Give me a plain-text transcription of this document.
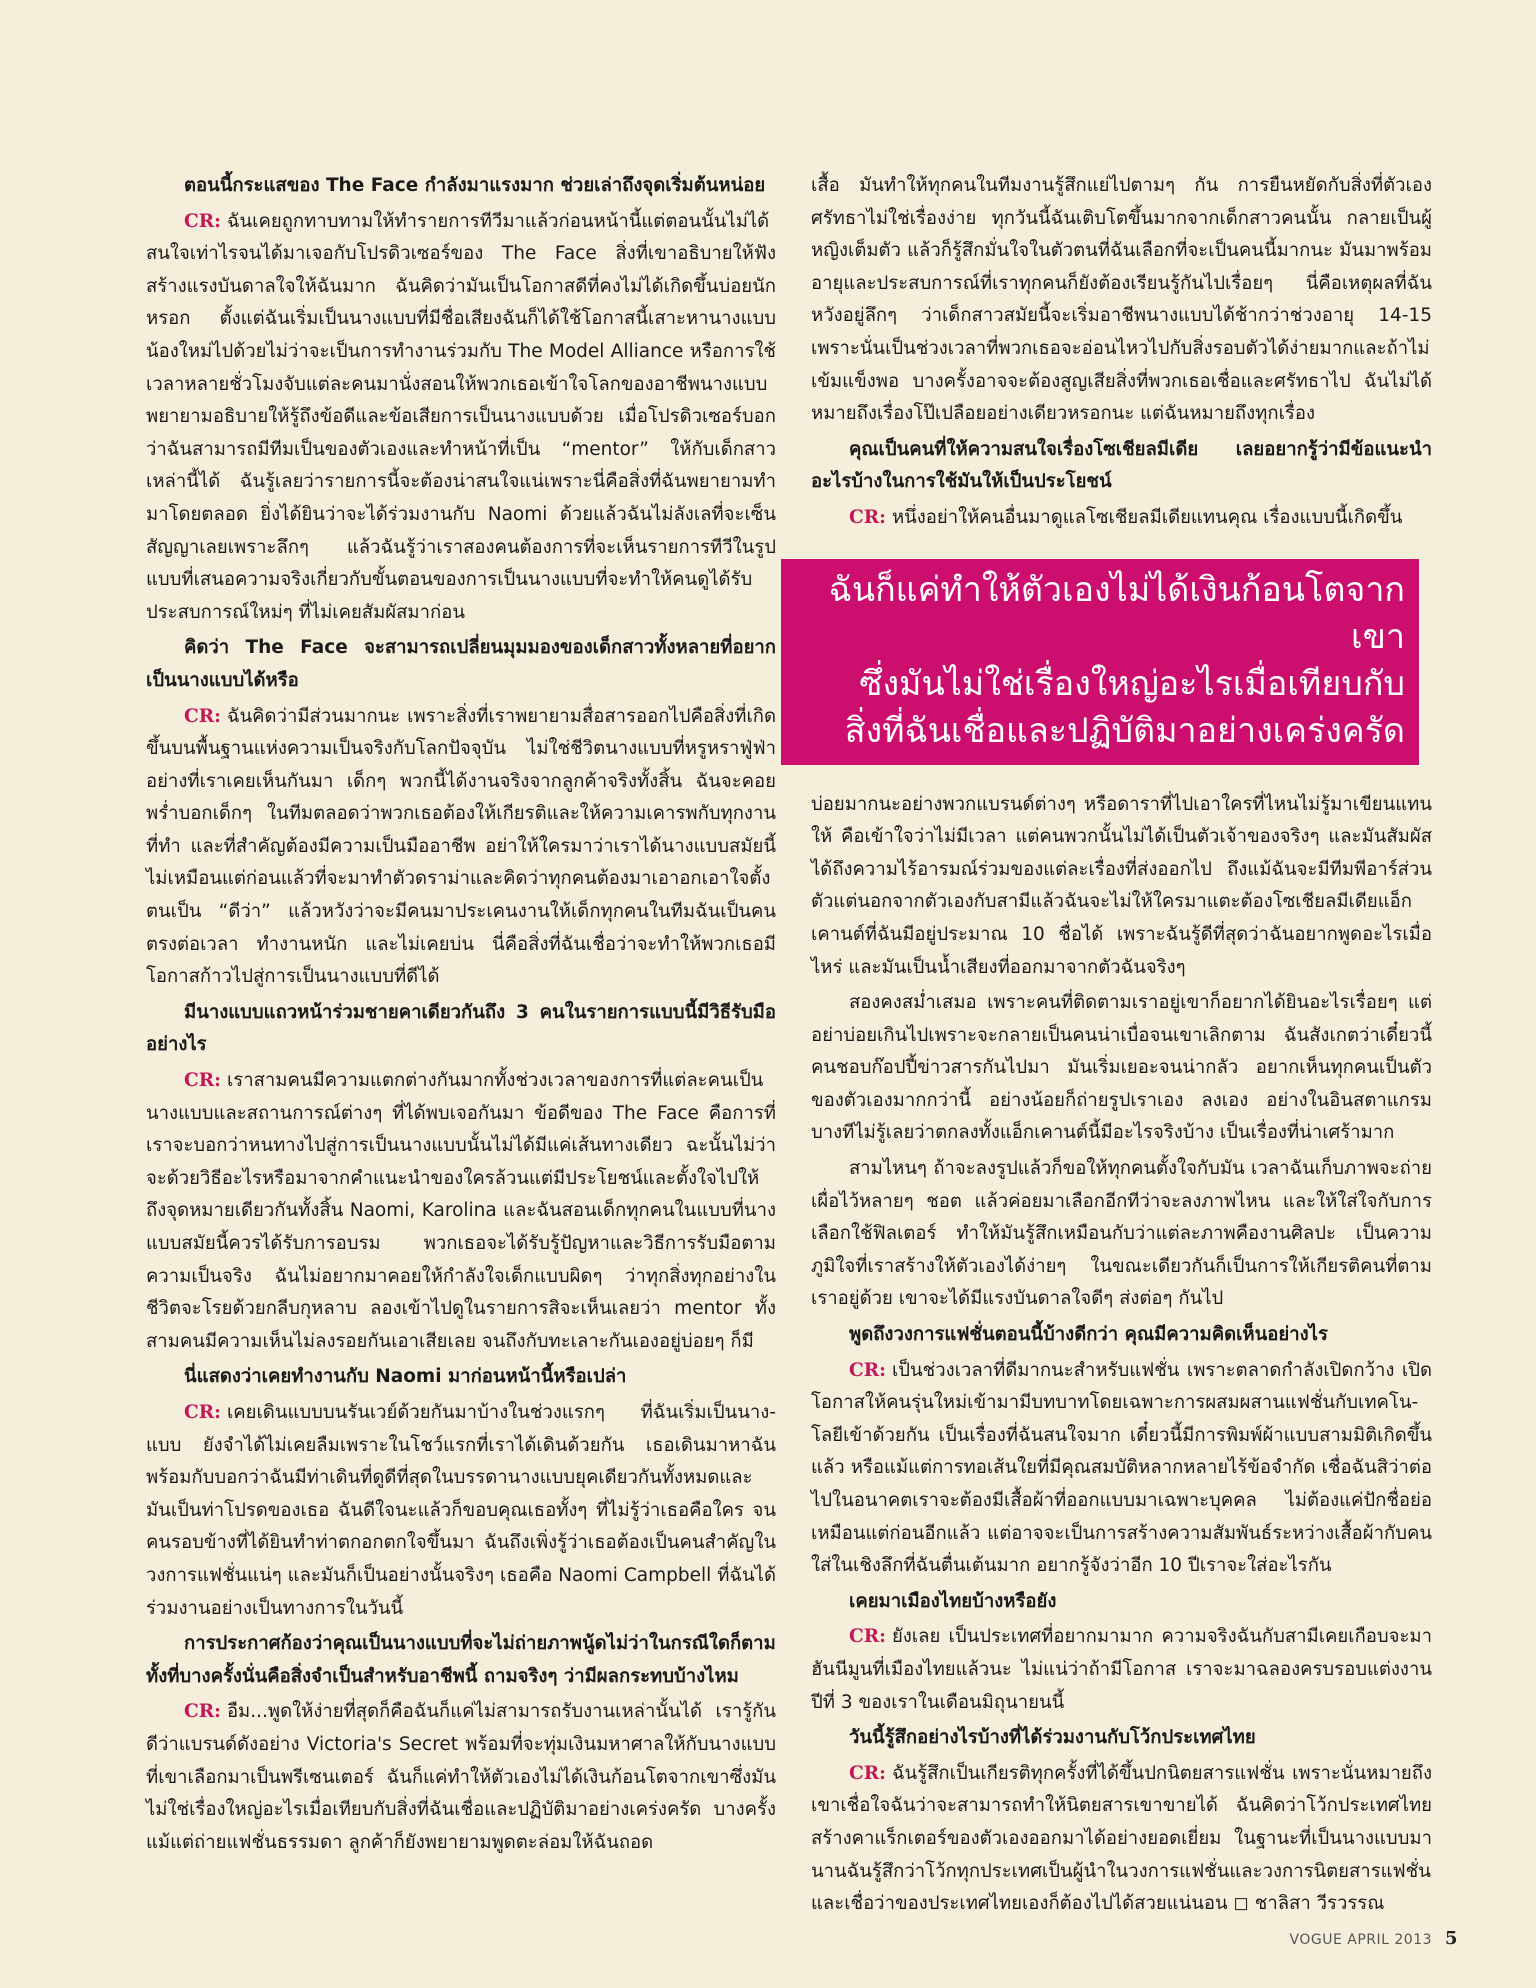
ตอนนี้กระแสของ The Face กำลังมาแรงมาก ช่วยเล่าถึงจุดเริ่มต้นหน่อย

CR: ฉันเคยถูกทาบทามให้ทำรายการทีวีมาแล้วก่อนหน้านี้แต่ตอนนั้นไม่ได้สนใจเท่าไรจนได้มาเจอกับโปรดิวเซอร์ของ The Face สิ่งที่เขาอธิบายให้ฟังสร้างแรงบันดาลใจให้ฉันมาก ฉันคิดว่ามันเป็นโอกาสดีที่คงไม่ได้เกิดขึ้นบ่อยนักหรอก ตั้งแต่ฉันเริ่มเป็นนางแบบที่มีชื่อเสียงฉันก็ได้ใช้โอกาสนี้เสาะหานางแบบน้องใหม่ไปด้วยไม่ว่าจะเป็นการทำงานร่วมกับ The Model Alliance หรือการใช้เวลาหลายชั่วโมงจับแต่ละคนมานั่งสอนให้พวกเธอเข้าใจโลกของอาชีพนางแบบ พยายามอธิบายให้รู้ถึงข้อดีและข้อเสียการเป็นนางแบบด้วย เมื่อโปรดิวเซอร์บอกว่าฉันสามารถมีทีมเป็นของตัวเองและทำหน้าที่เป็น “mentor” ให้กับเด็กสาวเหล่านี้ได้ ฉันรู้เลยว่ารายการนี้จะต้องน่าสนใจแน่เพราะนี่คือสิ่งที่ฉันพยายามทำมาโดยตลอด ยิ่งได้ยินว่าจะได้ร่วมงานกับ Naomi ด้วยแล้วฉันไม่ลังเลที่จะเซ็นสัญญาเลยเพราะลึกๆ แล้วฉันรู้ว่าเราสองคนต้องการที่จะเห็นรายการทีวีในรูปแบบที่เสนอความจริงเกี่ยวกับขั้นตอนของการเป็นนางแบบที่จะทำให้คนดูได้รับประสบการณ์ใหม่ๆ ที่ไม่เคยสัมผัสมาก่อน

คิดว่า The Face จะสามารถเปลี่ยนมุมมองของเด็กสาวทั้งหลายที่อยากเป็นนางแบบได้หรือ

CR: ฉันคิดว่ามีส่วนมากนะ เพราะสิ่งที่เราพยายามสื่อสารออกไปคือสิ่งที่เกิดขึ้นบนพื้นฐานแห่งความเป็นจริงกับโลกปัจจุบัน ไม่ใช่ชีวิตนางแบบที่หรูหราฟู่ฟ่าอย่างที่เราเคยเห็นกันมา เด็กๆ พวกนี้ได้งานจริงจากลูกค้าจริงทั้งสิ้น ฉันจะคอยพร่ำบอกเด็กๆ ในทีมตลอดว่าพวกเธอต้องให้เกียรติและให้ความเคารพกับทุกงานที่ทำ และที่สำคัญต้องมีความเป็นมืออาชีพ อย่าให้ใครมาว่าเราได้นางแบบสมัยนี้ไม่เหมือนแต่ก่อนแล้วที่จะมาทำตัวดราม่าและคิดว่าทุกคนต้องมาเอาอกเอาใจตั้งตนเป็น “ดีว่า” แล้วหวังว่าจะมีคนมาประเคนงานให้เด็กทุกคนในทีมฉันเป็นคนตรงต่อเวลา ทำงานหนัก และไม่เคยบ่น นี่คือสิ่งที่ฉันเชื่อว่าจะทำให้พวกเธอมีโอกาสก้าวไปสู่การเป็นนางแบบที่ดีได้

มีนางแบบแถวหน้าร่วมชายคาเดียวกันถึง 3 คนในรายการแบบนี้มีวิธีรับมืออย่างไร

CR: เราสามคนมีความแตกต่างกันมากทั้งช่วงเวลาของการที่แต่ละคนเป็นนางแบบและสถานการณ์ต่างๆ ที่ได้พบเจอกันมา ข้อดีของ The Face คือการที่เราจะบอกว่าหนทางไปสู่การเป็นนางแบบนั้นไม่ได้มีแค่เส้นทางเดียว ฉะนั้นไม่ว่าจะด้วยวิธีอะไรหรือมาจากคำแนะนำของใครล้วนแต่มีประโยชน์และตั้งใจไปให้ถึงจุดหมายเดียวกันทั้งสิ้น Naomi, Karolina และฉันสอนเด็กทุกคนในแบบที่นางแบบสมัยนี้ควรได้รับการอบรม พวกเธอจะได้รับรู้ปัญหาและวิธีการรับมือตามความเป็นจริง ฉันไม่อยากมาคอยให้กำลังใจเด็กแบบผิดๆ ว่าทุกสิ่งทุกอย่างในชีวิตจะโรยด้วยกลีบกุหลาบ ลองเข้าไปดูในรายการสิจะเห็นเลยว่า mentor ทั้งสามคนมีความเห็นไม่ลงรอยกันเอาเสียเลย จนถึงกับทะเลาะกันเองอยู่บ่อยๆ ก็มี

นี่แสดงว่าเคยทำงานกับ Naomi มาก่อนหน้านี้หรือเปล่า

CR: เคยเดินแบบบนรันเวย์ด้วยกันมาบ้างในช่วงแรกๆ ที่ฉันเริ่มเป็นนาง-แบบ ยังจำได้ไม่เคยลืมเพราะในโชว์แรกที่เราได้เดินด้วยกัน เธอเดินมาหาฉันพร้อมกับบอกว่าฉันมีท่าเดินที่ดูดีที่สุดในบรรดานางแบบยุคเดียวกันทั้งหมดและมันเป็นท่าโปรดของเธอ ฉันดีใจนะแล้วก็ขอบคุณเธอทั้งๆ ที่ไม่รู้ว่าเธอคือใคร จนคนรอบข้างที่ได้ยินทำท่าตกอกตกใจขึ้นมา ฉันถึงเพิ่งรู้ว่าเธอต้องเป็นคนสำคัญในวงการแฟชั่นแน่ๆ และมันก็เป็นอย่างนั้นจริงๆ เธอคือ Naomi Campbell ที่ฉันได้ร่วมงานอย่างเป็นทางการในวันนี้

การประกาศก้องว่าคุณเป็นนางแบบที่จะไม่ถ่ายภาพนู้ดไม่ว่าในกรณีใดก็ตามทั้งที่บางครั้งนั่นคือสิ่งจำเป็นสำหรับอาชีพนี้ ถามจริงๆ ว่ามีผลกระทบบ้างไหม

CR: อืม...พูดให้ง่ายที่สุดก็คือฉันก็แค่ไม่สามารถรับงานเหล่านั้นได้ เรารู้กันดีว่าแบรนด์ดังอย่าง Victoria's Secret พร้อมที่จะทุ่มเงินมหาศาลให้กับนางแบบที่เขาเลือกมาเป็นพรีเซนเตอร์ ฉันก็แค่ทำให้ตัวเองไม่ได้เงินก้อนโตจากเขาซึ่งมันไม่ใช่เรื่องใหญ่อะไรเมื่อเทียบกับสิ่งที่ฉันเชื่อและปฏิบัติมาอย่างเคร่งครัด บางครั้งแม้แต่ถ่ายแฟชั่นธรรมดา ลูกค้าก็ยังพยายามพูดตะล่อมให้ฉันถอด

เสื้อ มันทำให้ทุกคนในทีมงานรู้สึกแย่ไปตามๆ กัน การยืนหยัดกับสิ่งที่ตัวเองศรัทธาไม่ใช่เรื่องง่าย ทุกวันนี้ฉันเติบโตขึ้นมากจากเด็กสาวคนนั้น กลายเป็นผู้หญิงเต็มตัว แล้วก็รู้สึกมั่นใจในตัวตนที่ฉันเลือกที่จะเป็นคนนี้มากนะ มันมาพร้อมอายุและประสบการณ์ที่เราทุกคนก็ยังต้องเรียนรู้กันไปเรื่อยๆ นี่คือเหตุผลที่ฉันหวังอยู่ลึกๆ ว่าเด็กสาวสมัยนี้จะเริ่มอาชีพนางแบบได้ช้ากว่าช่วงอายุ 14-15 เพราะนั่นเป็นช่วงเวลาที่พวกเธอจะอ่อนไหวไปกับสิ่งรอบตัวได้ง่ายมากและถ้าไม่เข้มแข็งพอ บางครั้งอาจจะต้องสูญเสียสิ่งที่พวกเธอเชื่อและศรัทธาไป ฉันไม่ได้หมายถึงเรื่องโป๊เปลือยอย่างเดียวหรอกนะ แต่ฉันหมายถึงทุกเรื่อง

คุณเป็นคนที่ให้ความสนใจเรื่องโซเชียลมีเดีย เลยอยากรู้ว่ามีข้อแนะนำอะไรบ้างในการใช้มันให้เป็นประโยชน์

CR: หนึ่งอย่าให้คนอื่นมาดูแลโซเชียลมีเดียแทนคุณ เรื่องแบบนี้เกิดขึ้น

ฉันก็แค่ทำให้ตัวเองไม่ได้เงินก้อนโตจากเขา
ซึ่งมันไม่ใช่เรื่องใหญ่อะไรเมื่อเทียบกับ
สิ่งที่ฉันเชื่อและปฏิบัติมาอย่างเคร่งครัด

บ่อยมากนะอย่างพวกแบรนด์ต่างๆ หรือดาราที่ไปเอาใครที่ไหนไม่รู้มาเขียนแทนให้ คือเข้าใจว่าไม่มีเวลา แต่คนพวกนั้นไม่ได้เป็นตัวเจ้าของจริงๆ และมันสัมผัสได้ถึงความไร้อารมณ์ร่วมของแต่ละเรื่องที่ส่งออกไป ถึงแม้ฉันจะมีทีมพีอาร์ส่วนตัวแต่นอกจากตัวเองกับสามีแล้วฉันจะไม่ให้ใครมาแตะต้องโซเชียลมีเดียแอ็กเคานต์ที่ฉันมีอยู่ประมาณ 10 ชื่อได้ เพราะฉันรู้ดีที่สุดว่าฉันอยากพูดอะไรเมื่อไหร่ และมันเป็นน้ำเสียงที่ออกมาจากตัวฉันจริงๆ

สองคงสม่ำเสมอ เพราะคนที่ติดตามเราอยู่เขาก็อยากได้ยินอะไรเรื่อยๆ แต่อย่าบ่อยเกินไปเพราะจะกลายเป็นคนน่าเบื่อจนเขาเลิกตาม ฉันสังเกตว่าเดี๋ยวนี้คนชอบก๊อปปี้ข่าวสารกันไปมา มันเริ่มเยอะจนน่ากลัว อยากเห็นทุกคนเป็นตัวของตัวเองมากกว่านี้ อย่างน้อยก็ถ่ายรูปเราเอง ลงเอง อย่างในอินสตาแกรมบางทีไม่รู้เลยว่าตกลงทั้งแอ็กเคานต์นี้มีอะไรจริงบ้าง เป็นเรื่องที่น่าเศร้ามาก

สามไหนๆ ถ้าจะลงรูปแล้วก็ขอให้ทุกคนตั้งใจกับมัน เวลาฉันเก็บภาพจะถ่ายเผื่อไว้หลายๆ ชอต แล้วค่อยมาเลือกอีกทีว่าจะลงภาพไหน และให้ใส่ใจกับการเลือกใช้ฟิลเตอร์ ทำให้มันรู้สึกเหมือนกับว่าแต่ละภาพคืองานศิลปะ เป็นความภูมิใจที่เราสร้างให้ตัวเองได้ง่ายๆ ในขณะเดียวกันก็เป็นการให้เกียรติคนที่ตามเราอยู่ด้วย เขาจะได้มีแรงบันดาลใจดีๆ ส่งต่อๆ กันไป

พูดถึงวงการแฟชั่นตอนนี้บ้างดีกว่า คุณมีความคิดเห็นอย่างไร

CR: เป็นช่วงเวลาที่ดีมากนะสำหรับแฟชั่น เพราะตลาดกำลังเปิดกว้าง เปิดโอกาสให้คนรุ่นใหม่เข้ามามีบทบาทโดยเฉพาะการผสมผสานแฟชั่นกับเทคโน-โลยีเข้าด้วยกัน เป็นเรื่องที่ฉันสนใจมาก เดี๋ยวนี้มีการพิมพ์ผ้าแบบสามมิติเกิดขึ้นแล้ว หรือแม้แต่การทอเส้นใยที่มีคุณสมบัติหลากหลายไร้ข้อจำกัด เชื่อฉันสิว่าต่อไปในอนาคตเราจะต้องมีเสื้อผ้าที่ออกแบบมาเฉพาะบุคคล ไม่ต้องแค่ปักชื่อย่อเหมือนแต่ก่อนอีกแล้ว แต่อาจจะเป็นการสร้างความสัมพันธ์ระหว่างเสื้อผ้ากับคนใส่ในเชิงลึกที่ฉันตื่นเต้นมาก อยากรู้จังว่าอีก 10 ปีเราจะใส่อะไรกัน

เคยมาเมืองไทยบ้างหรือยัง

CR: ยังเลย เป็นประเทศที่อยากมามาก ความจริงฉันกับสามีเคยเกือบจะมาฮันนีมูนที่เมืองไทยแล้วนะ ไม่แน่ว่าถ้ามีโอกาส เราจะมาฉลองครบรอบแต่งงานปีที่ 3 ของเราในเดือนมิถุนายนนี้

วันนี้รู้สึกอย่างไรบ้างที่ได้ร่วมงานกับโว้กประเทศไทย

CR: ฉันรู้สึกเป็นเกียรติทุกครั้งที่ได้ขึ้นปกนิตยสารแฟชั่น เพราะนั่นหมายถึงเขาเชื่อใจฉันว่าจะสามารถทำให้นิตยสารเขาขายได้ ฉันคิดว่าโว้กประเทศไทยสร้างคาแร็กเตอร์ของตัวเองออกมาได้อย่างยอดเยี่ยม ในฐานะที่เป็นนางแบบมานานฉันรู้สึกว่าโว้กทุกประเทศเป็นผู้นำในวงการแฟชั่นและวงการนิตยสารแฟชั่นและเชื่อว่าของประเทศไทยเองก็ต้องไปได้สวยแน่นอน ◻ ชาลิสา วีรวรรณ

VOGUE APRIL 2013 5
